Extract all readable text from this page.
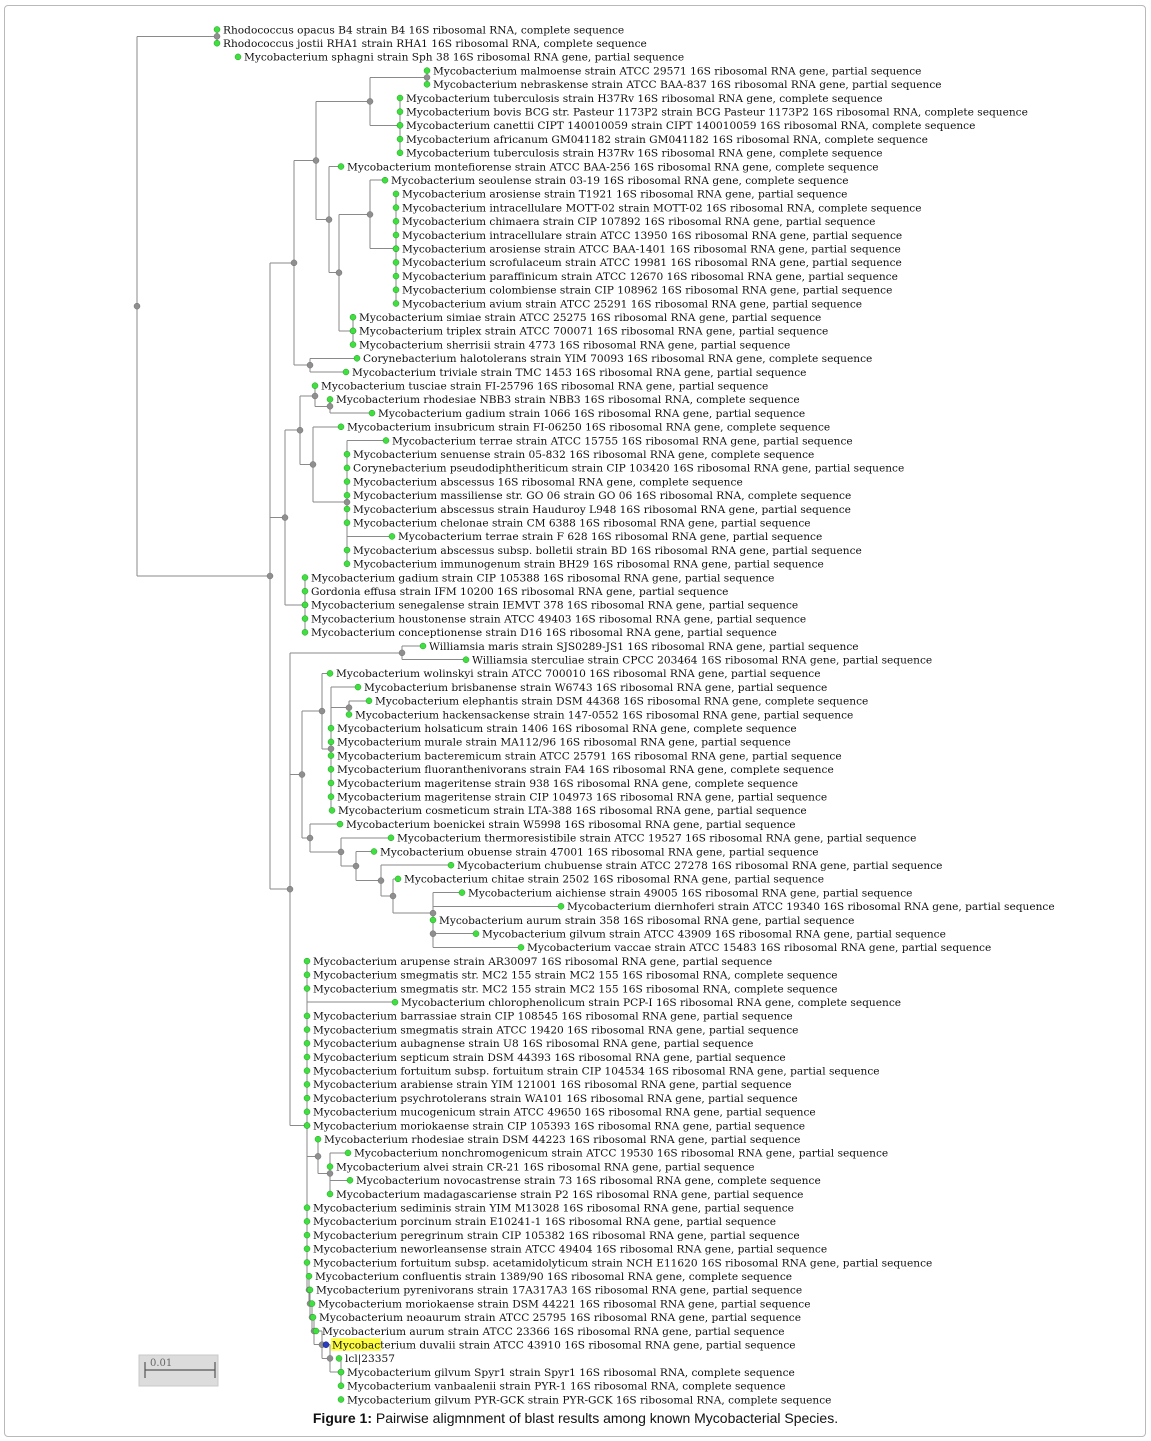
Rhodococcus opacus B4 strain B4 16S ribosomal RNA, complete sequence
Rhodococcus jostii RHA1 strain RHA1 16S ribosomal RNA, complete sequence
Mycobacterium sphagni strain Sph 38 16S ribosomal RNA gene, partial sequence
Mycobacterium malmoense strain ATCC 29571 16S ribosomal RNA gene, partial sequence
Mycobacterium nebraskense strain ATCC BAA-837 16S ribosomal RNA gene, partial sequence
Mycobacterium tuberculosis strain H37Rv 16S ribosomal RNA gene, complete sequence
Mycobacterium bovis BCG str. Pasteur 1173P2 strain BCG Pasteur 1173P2 16S ribosomal RNA, complete sequence
Mycobacterium canettii CIPT 140010059 strain CIPT 140010059 16S ribosomal RNA, complete sequence
Mycobacterium africanum GM041182 strain GM041182 16S ribosomal RNA, complete sequence
Mycobacterium tuberculosis strain H37Rv 16S ribosomal RNA gene, complete sequence
Mycobacterium montefiorense strain ATCC BAA-256 16S ribosomal RNA gene, complete sequence
Mycobacterium seoulense strain 03-19 16S ribosomal RNA gene, complete sequence
Mycobacterium arosiense strain T1921 16S ribosomal RNA gene, partial sequence
Mycobacterium intracellulare MOTT-02 strain MOTT-02 16S ribosomal RNA, complete sequence
Mycobacterium chimaera strain CIP 107892 16S ribosomal RNA gene, partial sequence
Mycobacterium intracellulare strain ATCC 13950 16S ribosomal RNA gene, partial sequence
Mycobacterium arosiense strain ATCC BAA-1401 16S ribosomal RNA gene, partial sequence
Mycobacterium scrofulaceum strain ATCC 19981 16S ribosomal RNA gene, partial sequence
Mycobacterium paraffinicum strain ATCC 12670 16S ribosomal RNA gene, partial sequence
Mycobacterium colombiense strain CIP 108962 16S ribosomal RNA gene, partial sequence
Mycobacterium avium strain ATCC 25291 16S ribosomal RNA gene, partial sequence
Mycobacterium simiae strain ATCC 25275 16S ribosomal RNA gene, partial sequence
Mycobacterium triplex strain ATCC 700071 16S ribosomal RNA gene, partial sequence
Mycobacterium sherrisii strain 4773 16S ribosomal RNA gene, partial sequence
Corynebacterium halotolerans strain YIM 70093 16S ribosomal RNA gene, complete sequence
Mycobacterium triviale strain TMC 1453 16S ribosomal RNA gene, partial sequence
Mycobacterium tusciae strain FI-25796 16S ribosomal RNA gene, partial sequence
Mycobacterium rhodesiae NBB3 strain NBB3 16S ribosomal RNA, complete sequence
Mycobacterium gadium strain 1066 16S ribosomal RNA gene, partial sequence
Mycobacterium insubricum strain FI-06250 16S ribosomal RNA gene, complete sequence
Mycobacterium terrae strain ATCC 15755 16S ribosomal RNA gene, partial sequence
Mycobacterium senuense strain 05-832 16S ribosomal RNA gene, complete sequence
Corynebacterium pseudodiphtheriticum strain CIP 103420 16S ribosomal RNA gene, partial sequence
Mycobacterium abscessus 16S ribosomal RNA gene, complete sequence
Mycobacterium massiliense str. GO 06 strain GO 06 16S ribosomal RNA, complete sequence
Mycobacterium abscessus strain Hauduroy L948 16S ribosomal RNA gene, partial sequence
Mycobacterium chelonae strain CM 6388 16S ribosomal RNA gene, partial sequence
Mycobacterium terrae strain F 628 16S ribosomal RNA gene, partial sequence
Mycobacterium abscessus subsp. bolletii strain BD 16S ribosomal RNA gene, partial sequence
Mycobacterium immunogenum strain BH29 16S ribosomal RNA gene, partial sequence
Mycobacterium gadium strain CIP 105388 16S ribosomal RNA gene, partial sequence
Gordonia effusa strain IFM 10200 16S ribosomal RNA gene, partial sequence
Mycobacterium senegalense strain IEMVT 378 16S ribosomal RNA gene, partial sequence
Mycobacterium houstonense strain ATCC 49403 16S ribosomal RNA gene, partial sequence
Mycobacterium conceptionense strain D16 16S ribosomal RNA gene, partial sequence
Williamsia maris strain SJS0289-JS1 16S ribosomal RNA gene, partial sequence
Williamsia sterculiae strain CPCC 203464 16S ribosomal RNA gene, partial sequence
Mycobacterium wolinskyi strain ATCC 700010 16S ribosomal RNA gene, partial sequence
Mycobacterium brisbanense strain W6743 16S ribosomal RNA gene, partial sequence
Mycobacterium elephantis strain DSM 44368 16S ribosomal RNA gene, complete sequence
Mycobacterium hackensackense strain 147-0552 16S ribosomal RNA gene, partial sequence
Mycobacterium holsaticum strain 1406 16S ribosomal RNA gene, complete sequence
Mycobacterium murale strain MA112/96 16S ribosomal RNA gene, partial sequence
Mycobacterium bacteremicum strain ATCC 25791 16S ribosomal RNA gene, partial sequence
Mycobacterium fluoranthenivorans strain FA4 16S ribosomal RNA gene, complete sequence
Mycobacterium mageritense strain 938 16S ribosomal RNA gene, complete sequence
Mycobacterium mageritense strain CIP 104973 16S ribosomal RNA gene, partial sequence
Mycobacterium cosmeticum strain LTA-388 16S ribosomal RNA gene, partial sequence
Mycobacterium boenickei strain W5998 16S ribosomal RNA gene, partial sequence
Mycobacterium thermoresistibile strain ATCC 19527 16S ribosomal RNA gene, partial sequence
Mycobacterium obuense strain 47001 16S ribosomal RNA gene, partial sequence
Mycobacterium chubuense strain ATCC 27278 16S ribosomal RNA gene, partial sequence
Mycobacterium chitae strain 2502 16S ribosomal RNA gene, partial sequence
Mycobacterium aichiense strain 49005 16S ribosomal RNA gene, partial sequence
Mycobacterium diernhoferi strain ATCC 19340 16S ribosomal RNA gene, partial sequence
Mycobacterium aurum strain 358 16S ribosomal RNA gene, partial sequence
Mycobacterium gilvum strain ATCC 43909 16S ribosomal RNA gene, partial sequence
Mycobacterium vaccae strain ATCC 15483 16S ribosomal RNA gene, partial sequence
Mycobacterium arupense strain AR30097 16S ribosomal RNA gene, partial sequence
Mycobacterium smegmatis str. MC2 155 strain MC2 155 16S ribosomal RNA, complete sequence
Mycobacterium smegmatis str. MC2 155 strain MC2 155 16S ribosomal RNA, complete sequence
Mycobacterium chlorophenolicum strain PCP-I 16S ribosomal RNA gene, complete sequence
Mycobacterium barrassiae strain CIP 108545 16S ribosomal RNA gene, partial sequence
Mycobacterium smegmatis strain ATCC 19420 16S ribosomal RNA gene, partial sequence
Mycobacterium aubagnense strain U8 16S ribosomal RNA gene, partial sequence
Mycobacterium septicum strain DSM 44393 16S ribosomal RNA gene, partial sequence
Mycobacterium fortuitum subsp. fortuitum strain CIP 104534 16S ribosomal RNA gene, partial sequence
Mycobacterium arabiense strain YIM 121001 16S ribosomal RNA gene, partial sequence
Mycobacterium psychrotolerans strain WA101 16S ribosomal RNA gene, partial sequence
Mycobacterium mucogenicum strain ATCC 49650 16S ribosomal RNA gene, partial sequence
Mycobacterium moriokaense strain CIP 105393 16S ribosomal RNA gene, partial sequence
Mycobacterium rhodesiae strain DSM 44223 16S ribosomal RNA gene, partial sequence
Mycobacterium nonchromogenicum strain ATCC 19530 16S ribosomal RNA gene, partial sequence
Mycobacterium alvei strain CR-21 16S ribosomal RNA gene, partial sequence
Mycobacterium novocastrense strain 73 16S ribosomal RNA gene, complete sequence
Mycobacterium madagascariense strain P2 16S ribosomal RNA gene, partial sequence
Mycobacterium sediminis strain YIM M13028 16S ribosomal RNA gene, partial sequence
Mycobacterium porcinum strain E10241-1 16S ribosomal RNA gene, partial sequence
Mycobacterium peregrinum strain CIP 105382 16S ribosomal RNA gene, partial sequence
Mycobacterium neworleansense strain ATCC 49404 16S ribosomal RNA gene, partial sequence
Mycobacterium fortuitum subsp. acetamidolyticum strain NCH E11620 16S ribosomal RNA gene, partial sequence
Mycobacterium confluentis strain 1389/90 16S ribosomal RNA gene, complete sequence
Mycobacterium pyrenivorans strain 17A317A3 16S ribosomal RNA gene, partial sequence
Mycobacterium moriokaense strain DSM 44221 16S ribosomal RNA gene, partial sequence
Mycobacterium neoaurum strain ATCC 25795 16S ribosomal RNA gene, partial sequence
Mycobacterium aurum strain ATCC 23366 16S ribosomal RNA gene, partial sequence
Mycobacterium duvalii strain ATCC 43910 16S ribosomal RNA gene, partial sequence
lcl|23357
Mycobacterium gilvum Spyr1 strain Spyr1 16S ribosomal RNA, complete sequence
Mycobacterium vanbaalenii strain PYR-1 16S ribosomal RNA, complete sequence
Mycobacterium gilvum PYR-GCK strain PYR-GCK 16S ribosomal RNA, complete sequence
0.01
Figure 1: Pairwise aligmnment of blast results among known Mycobacterial Species.
